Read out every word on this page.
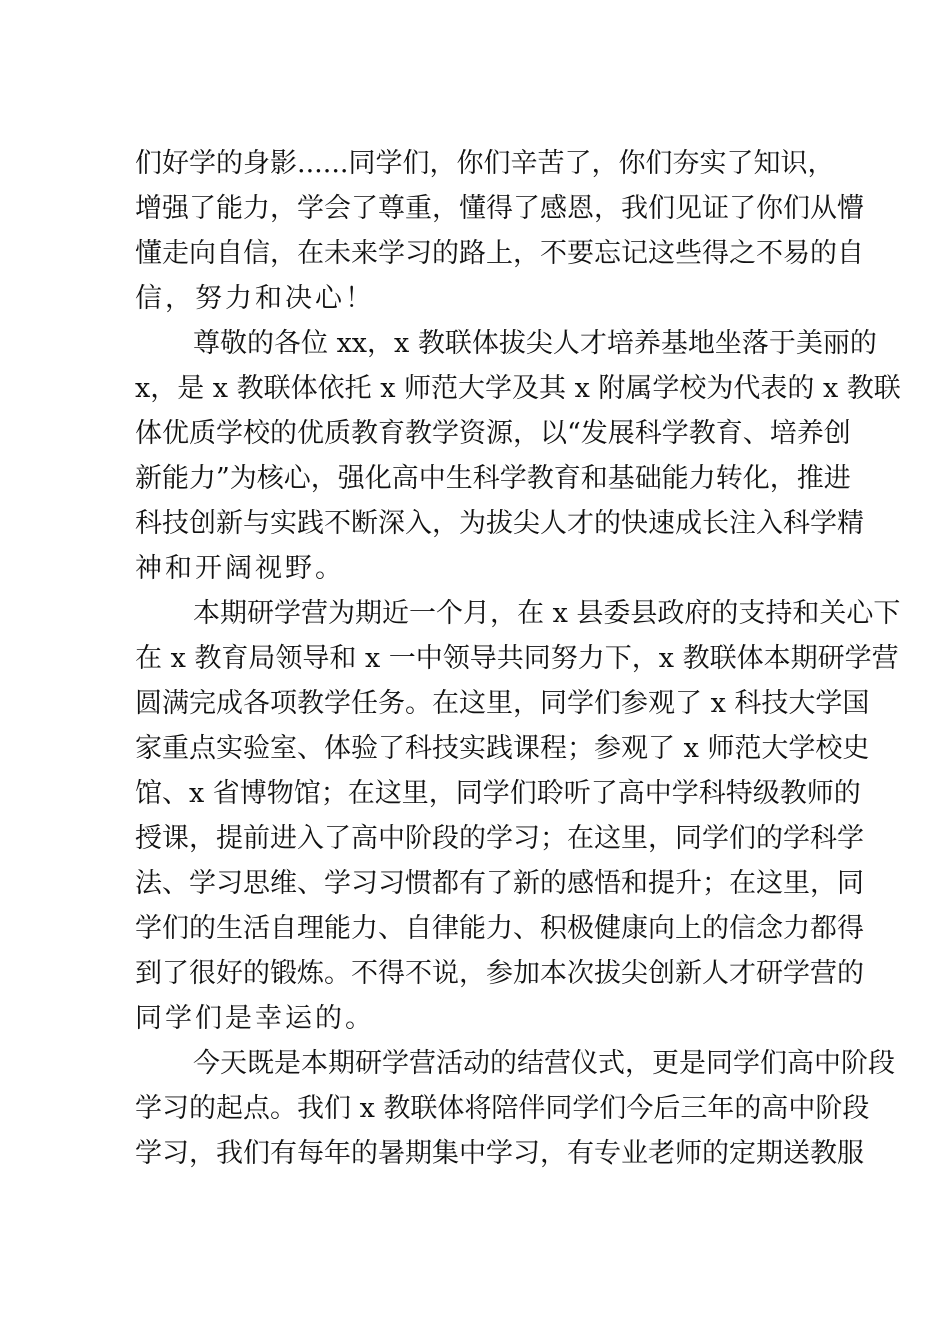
们好学的身影......同学们，你们辛苦了，你们夯实了知识，
增强了能力，学会了尊重，懂得了感恩，我们见证了你们从懵
懂走向自信，在未来学习的路上，不要忘记这些得之不易的自
信，努力和决心！
尊敬的各位 xx，x 教联体拔尖人才培养基地坐落于美丽的
x，是 x 教联体依托 x 师范大学及其 x 附属学校为代表的 x 教联
体优质学校的优质教育教学资源，以“发展科学教育、培养创
新能力”为核心，强化高中生科学教育和基础能力转化，推进
科技创新与实践不断深入，为拔尖人才的快速成长注入科学精
神和开阔视野。
本期研学营为期近一个月，在 x 县委县政府的支持和关心下
在 x 教育局领导和 x 一中领导共同努力下，x 教联体本期研学营
圆满完成各项教学任务。在这里，同学们参观了 x 科技大学国
家重点实验室、体验了科技实践课程；参观了 x 师范大学校史
馆、x 省博物馆；在这里，同学们聆听了高中学科特级教师的
授课，提前进入了高中阶段的学习；在这里，同学们的学科学
法、学习思维、学习习惯都有了新的感悟和提升；在这里，同
学们的生活自理能力、自律能力、积极健康向上的信念力都得
到了很好的锻炼。不得不说，参加本次拔尖创新人才研学营的
同学们是幸运的。
今天既是本期研学营活动的结营仪式，更是同学们高中阶段
学习的起点。我们 x 教联体将陪伴同学们今后三年的高中阶段
学习，我们有每年的暑期集中学习，有专业老师的定期送教服
